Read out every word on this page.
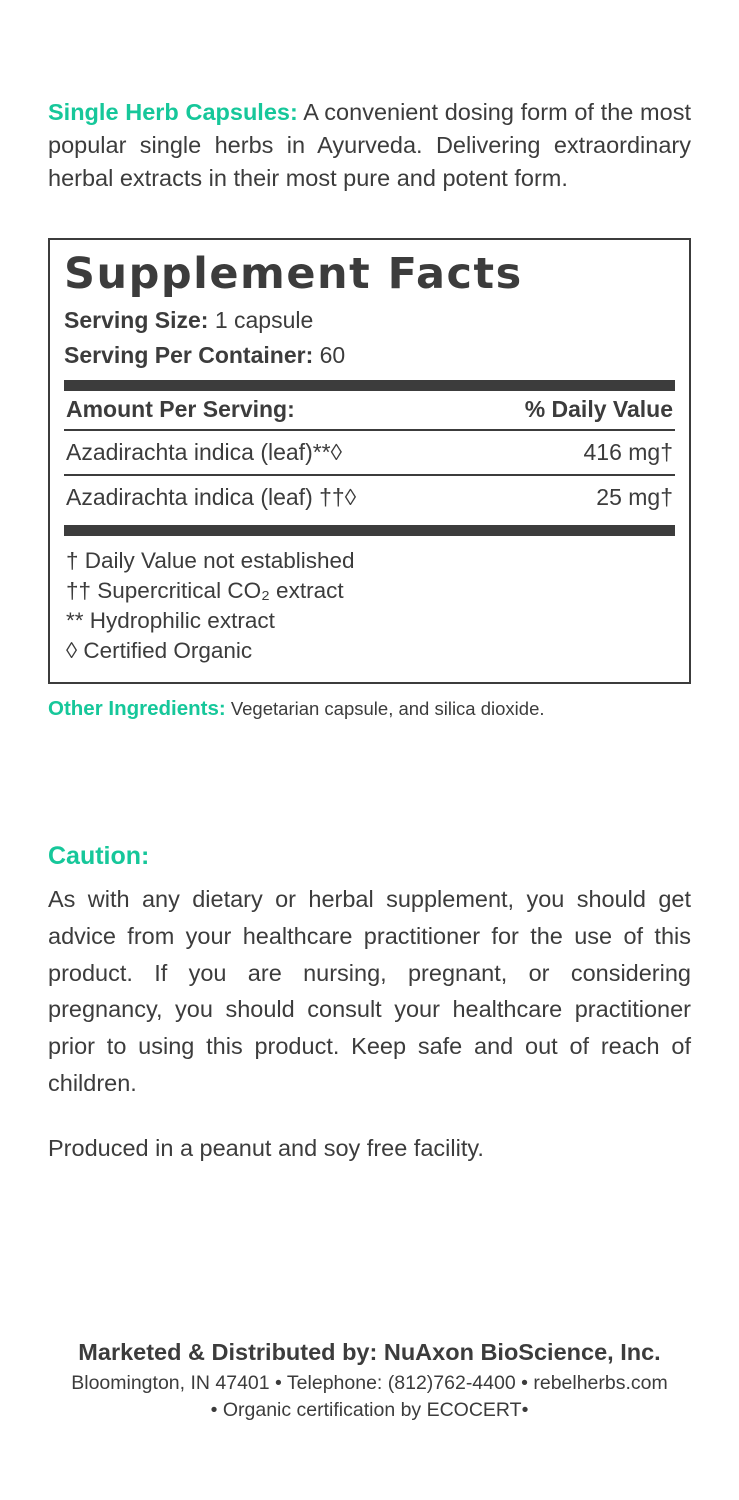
Single Herb Capsules: A convenient dosing form of the most popular single herbs in Ayurveda. Delivering extraordinary herbal extracts in their most pure and potent form.

Supplement Facts
Serving Size: 1 capsule
Serving Per Container: 60
Amount Per Serving:	% Daily Value
Azadirachta indica (leaf)**◊	416 mg†
Azadirachta indica (leaf) ††◊	25 mg†
† Daily Value not established
†† Supercritical CO₂ extract
** Hydrophilic extract
◊ Certified Organic
Other Ingredients: Vegetarian capsule, and silica dioxide.
Caution:

As with any dietary or herbal supplement, you should get advice from your healthcare practitioner for the use of this product. If you are nursing, pregnant, or considering pregnancy, you should consult your healthcare practitioner prior to using this product. Keep safe and out of reach of children.

Produced in a peanut and soy free facility.
Marketed & Distributed by: NuAxon BioScience, Inc.
Bloomington, IN 47401 • Telephone: (812)762-4400 • rebelherbs.com
• Organic certification by ECOCERT•
